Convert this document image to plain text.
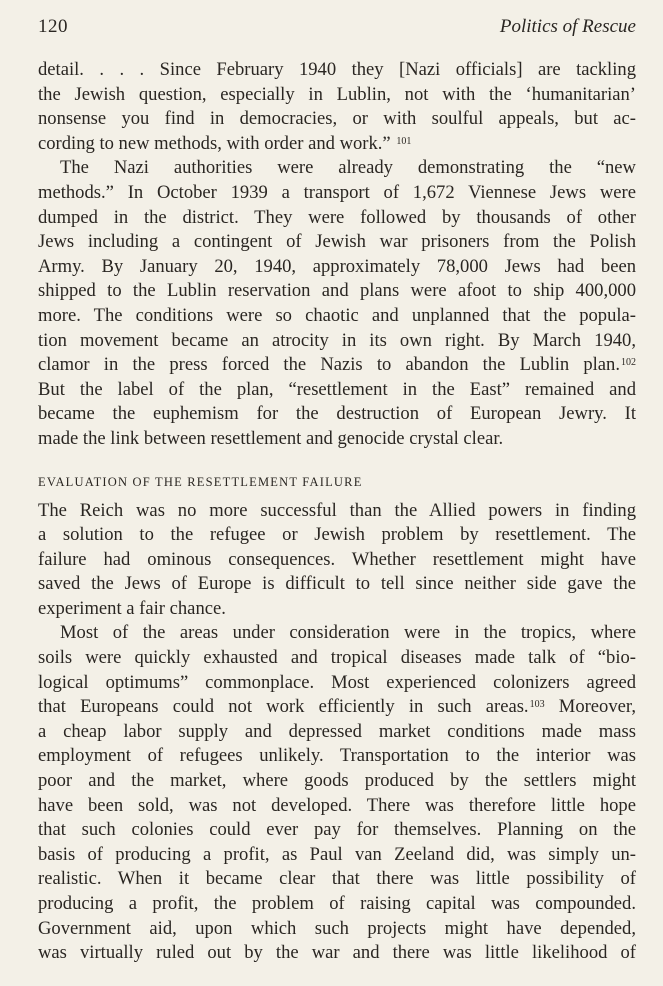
120	Politics of Rescue
detail. . . . Since February 1940 they [Nazi officials] are tackling
the Jewish question, especially in Lublin, not with the ‘humanitarian’
nonsense you find in democracies, or with soulful appeals, but ac-
cording to new methods, with order and work.” $^{101}$
The Nazi authorities were already demonstrating the “new
methods.” In October 1939 a transport of 1,672 Viennese Jews were
dumped in the district. They were followed by thousands of other
Jews including a contingent of Jewish war prisoners from the Polish
Army. By January 20, 1940, approximately 78,000 Jews had been
shipped to the Lublin reservation and plans were afoot to ship 400,000
more. The conditions were so chaotic and unplanned that the popula-
tion movement became an atrocity in its own right. By March 1940,
clamor in the press forced the Nazis to abandon the Lublin plan.$^{102}$
But the label of the plan, “resettlement in the East” remained and
became the euphemism for the destruction of European Jewry. It
made the link between resettlement and genocide crystal clear.
EVALUATION OF THE RESETTLEMENT FAILURE
The Reich was no more successful than the Allied powers in finding
a solution to the refugee or Jewish problem by resettlement. The
failure had ominous consequences. Whether resettlement might have
saved the Jews of Europe is difficult to tell since neither side gave the
experiment a fair chance.
Most of the areas under consideration were in the tropics, where
soils were quickly exhausted and tropical diseases made talk of “bio-
logical optimums” commonplace. Most experienced colonizers agreed
that Europeans could not work efficiently in such areas.$^{103}$ Moreover,
a cheap labor supply and depressed market conditions made mass
employment of refugees unlikely. Transportation to the interior was
poor and the market, where goods produced by the settlers might
have been sold, was not developed. There was therefore little hope
that such colonies could ever pay for themselves. Planning on the
basis of producing a profit, as Paul van Zeeland did, was simply un-
realistic. When it became clear that there was little possibility of
producing a profit, the problem of raising capital was compounded.
Government aid, upon which such projects might have depended,
was virtually ruled out by the war and there was little likelihood of
